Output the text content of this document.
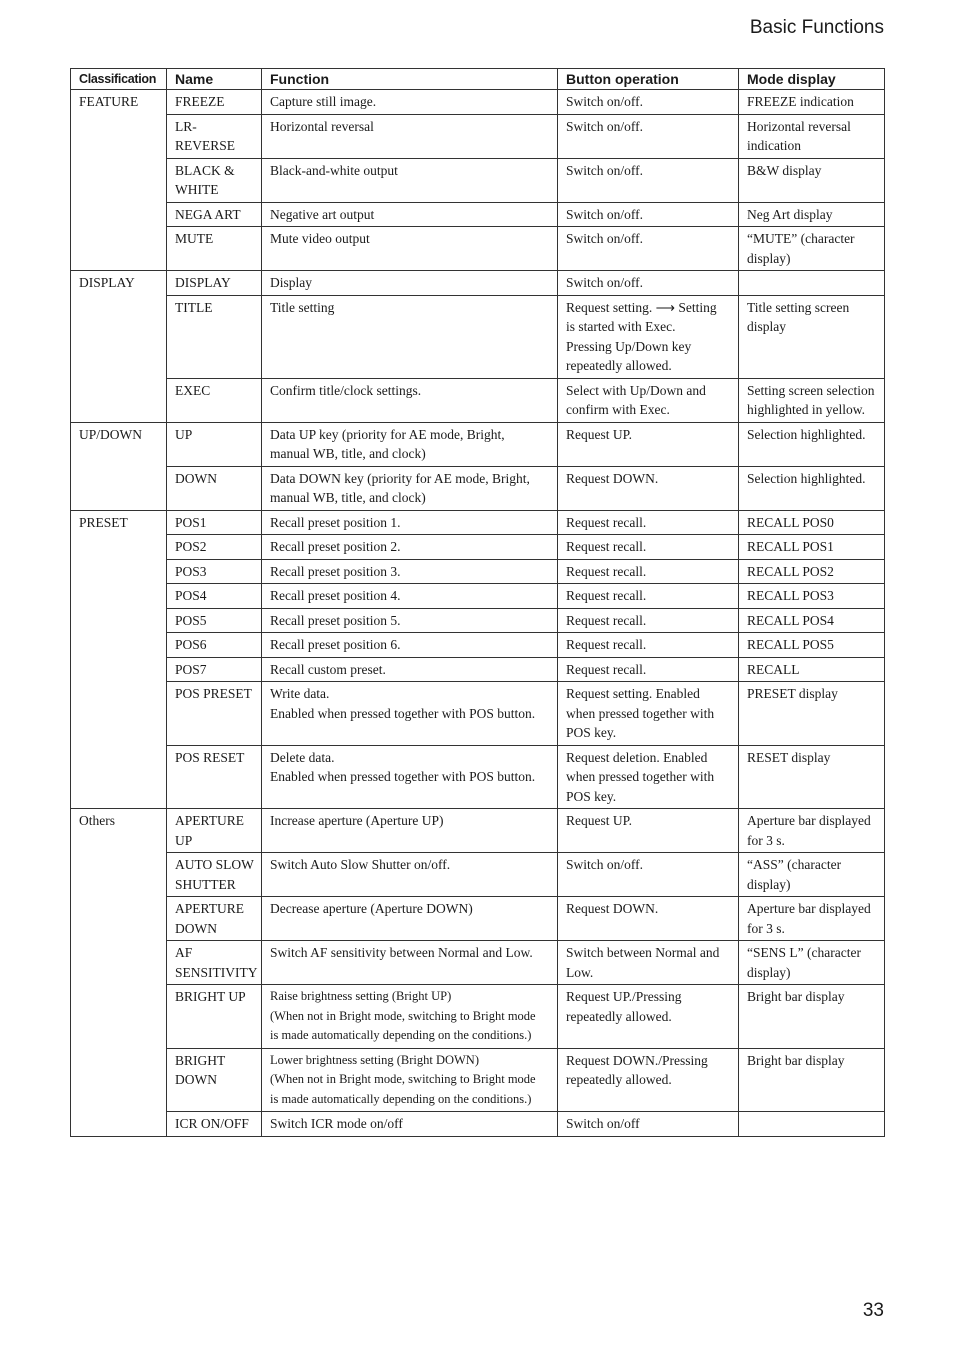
Basic Functions
Classification	Name	Function	Button operation	Mode display
FEATURE	FREEZE	Capture still image.	Switch on/off.	FREEZE indication

	LR-
REVERSE	Horizontal reversal	Switch on/off.	Horizontal reversal
indication

	BLACK &
WHITE	Black-and-white output	Switch on/off.	B&W display

	NEGA ART	Negative art output	Switch on/off.	Neg Art display

	MUTE	Mute video output	Switch on/off.	“MUTE” (character
display)

DISPLAY	DISPLAY	Display	Switch on/off.	

	TITLE	Title setting	Request setting. ⟶ Setting
is started with Exec.
Pressing Up/Down key
repeatedly allowed.	Title setting screen
display

	EXEC	Confirm title/clock settings.	Select with Up/Down and
confirm with Exec.	Setting screen selection
highlighted in yellow.

UP/DOWN	UP	Data UP key (priority for AE mode, Bright,
manual WB, title, and clock)	Request UP.	Selection highlighted.

	DOWN	Data DOWN key (priority for AE mode, Bright,
manual WB, title, and clock)	Request DOWN.	Selection highlighted.

PRESET	POS1	Recall preset position 1.	Request recall.	RECALL POS0

	POS2	Recall preset position 2.	Request recall.	RECALL POS1

	POS3	Recall preset position 3.	Request recall.	RECALL POS2

	POS4	Recall preset position 4.	Request recall.	RECALL POS3

	POS5	Recall preset position 5.	Request recall.	RECALL POS4

	POS6	Recall preset position 6.	Request recall.	RECALL POS5

	POS7	Recall custom preset.	Request recall.	RECALL

	POS PRESET	Write data.
Enabled when pressed together with POS button.	Request setting. Enabled
when pressed together with
POS key.	PRESET display

	POS RESET	Delete data.
Enabled when pressed together with POS button.	Request deletion. Enabled
when pressed together with
POS key.	RESET display

Others	APERTURE
UP	Increase aperture (Aperture UP)	Request UP.	Aperture bar displayed
for 3 s.

	AUTO SLOW
SHUTTER	Switch Auto Slow Shutter on/off.	Switch on/off.	“ASS” (character
display)

	APERTURE
DOWN	Decrease aperture (Aperture DOWN)	Request DOWN.	Aperture bar displayed
for 3 s.

	AF
SENSITIVITY	Switch AF sensitivity between Normal and Low.	Switch between Normal and
Low.	“SENS L” (character
display)

	BRIGHT UP	Raise brightness setting (Bright UP)
(When not in Bright mode, switching to Bright mode
is made automatically depending on the conditions.)	Request UP./Pressing
repeatedly allowed.	Bright bar display

	BRIGHT
DOWN	Lower brightness setting (Bright DOWN)
(When not in Bright mode, switching to Bright mode
is made automatically depending on the conditions.)	Request DOWN./Pressing
repeatedly allowed.	Bright bar display

	ICR ON/OFF	Switch ICR mode on/off	Switch on/off	

33
